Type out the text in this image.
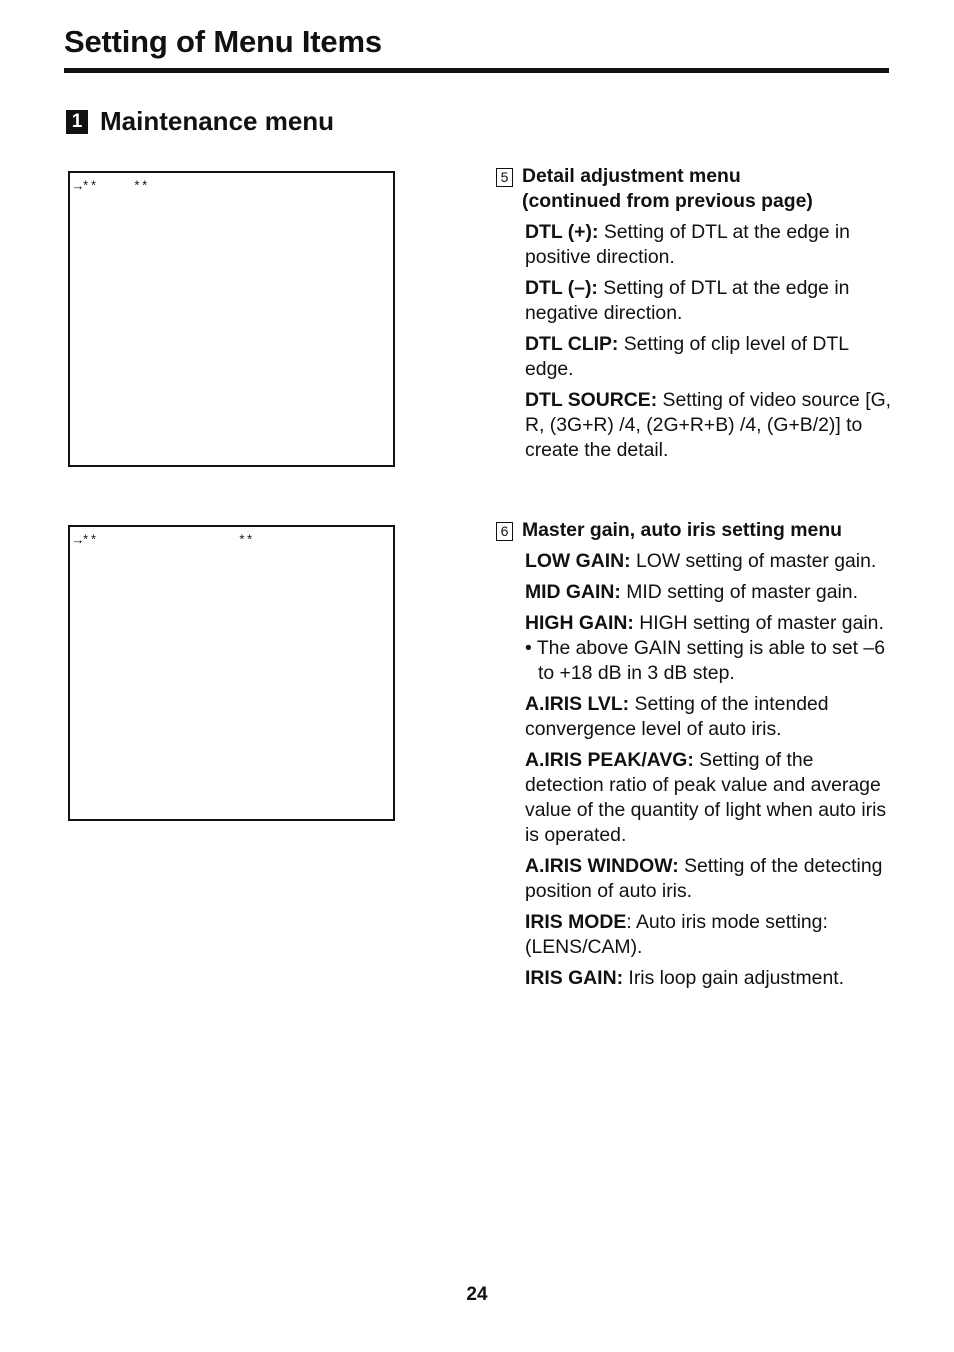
Setting of Menu Items
1 Maintenance menu
→**	**
→**	**
5 Detail adjustment menu
(continued from previous page)

DTL (+): Setting of DTL at the edge in positive direction.

DTL (–): Setting of DTL at the edge in negative direction.

DTL CLIP: Setting of clip level of DTL edge.

DTL SOURCE: Setting of video source [G, R, (3G+R) /4, (2G+R+B) /4, (G+B/2)] to create the detail.

6 Master gain, auto iris setting menu

LOW GAIN: LOW setting of master gain.

MID GAIN: MID setting of master gain.

HIGH GAIN: HIGH setting of master gain.

• The above GAIN setting is able to set –6 to +18 dB in 3 dB step.

A.IRIS LVL: Setting of the intended convergence level of auto iris.

A.IRIS PEAK/AVG: Setting of the detection ratio of peak value and average value of the quantity of light when auto iris is operated.

A.IRIS WINDOW: Setting of the detecting position of auto iris.

IRIS MODE: Auto iris mode setting: (LENS/CAM).

IRIS GAIN: Iris loop gain adjustment.

24
